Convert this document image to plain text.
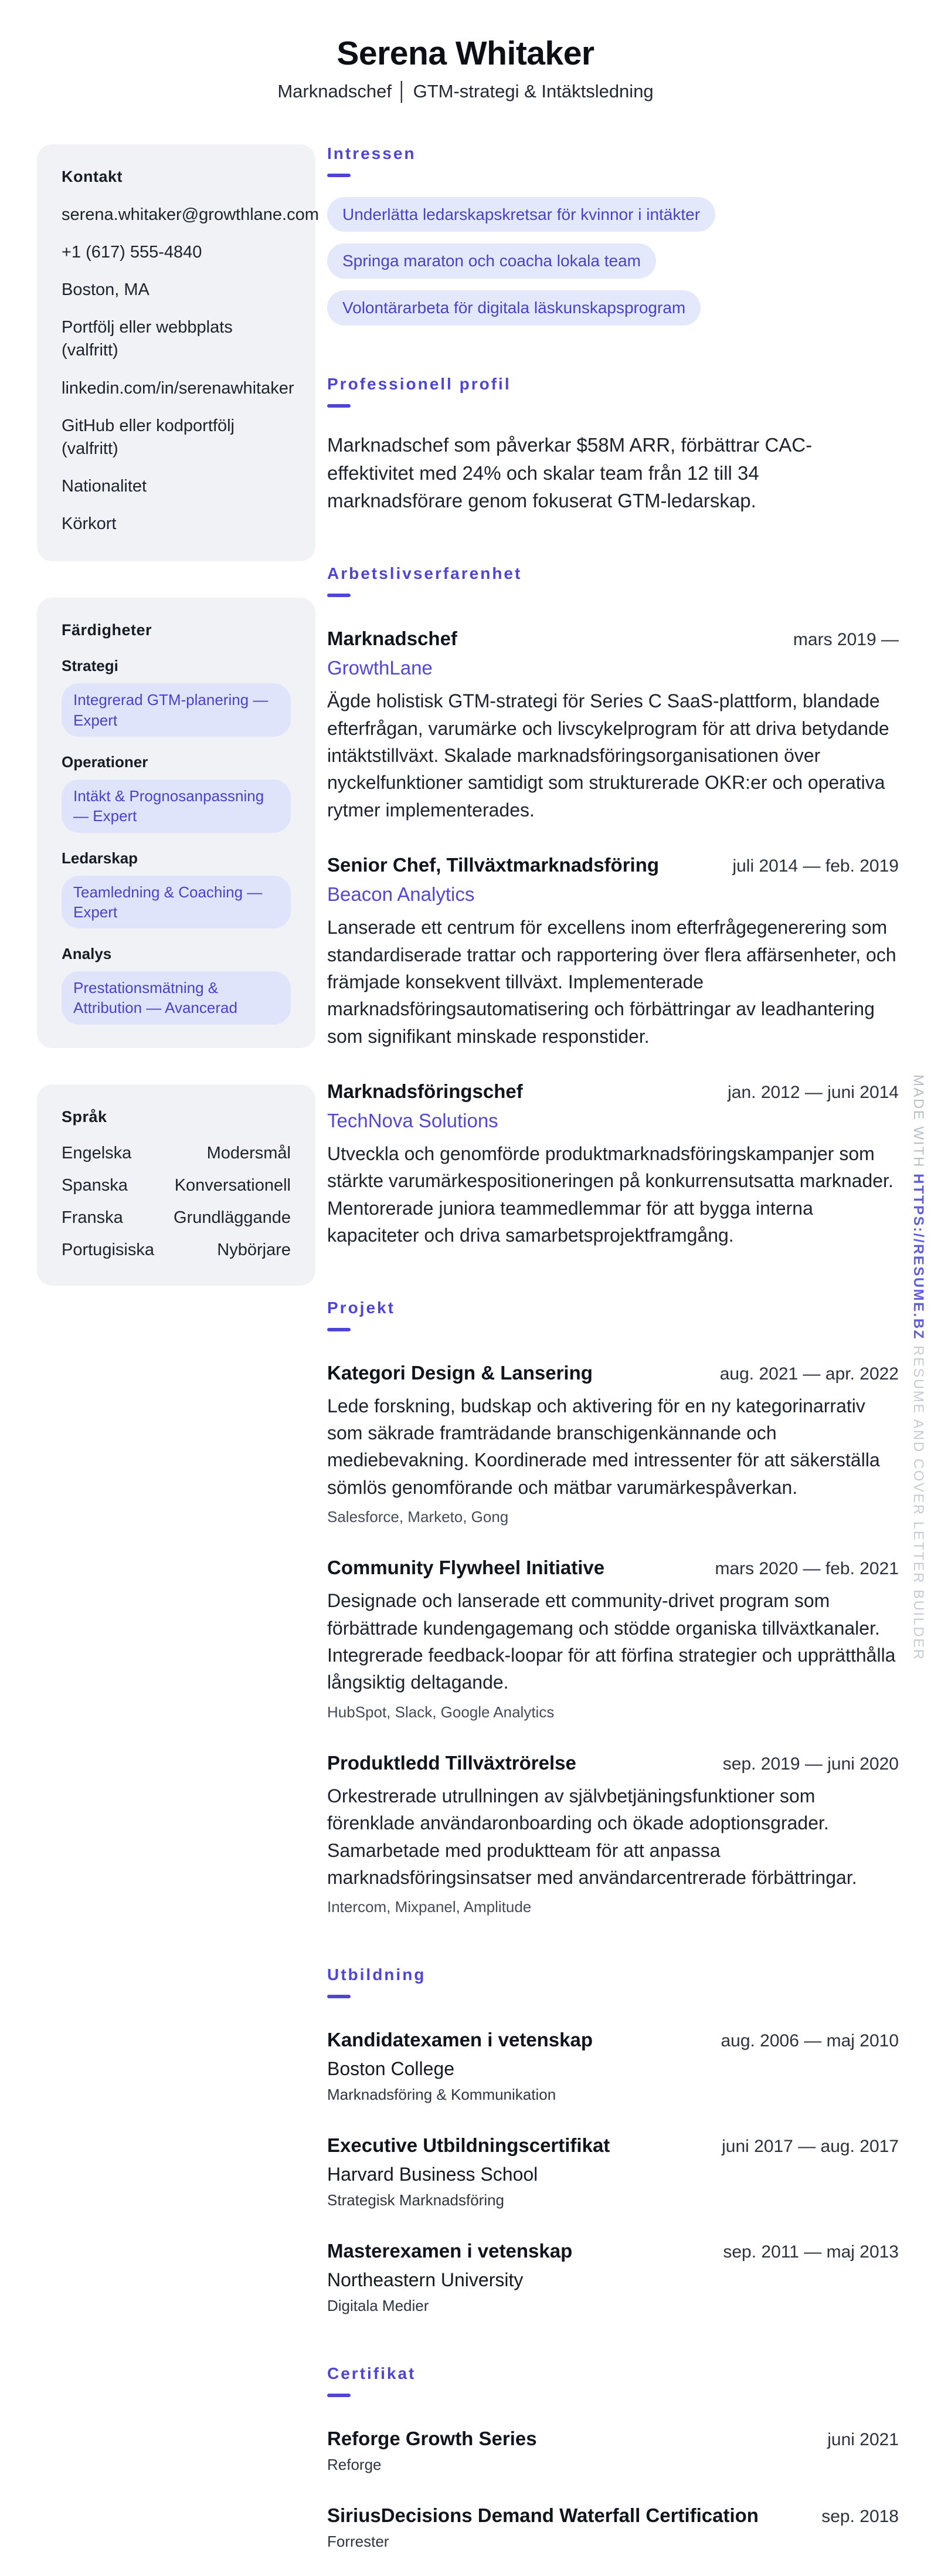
Serena Whitaker
Marknadschef │ GTM-strategi & Intäktsledning
Kontakt
serena.whitaker@growthlane.com
+1 (617) 555-4840
Boston, MA
Portfölj eller webbplats (valfritt)
linkedin.com/in/serenawhitaker
GitHub eller kodportfölj (valfritt)
Nationalitet
Körkort
Färdigheter
Strategi
Integrerad GTM-planering — Expert
Operationer
Intäkt & Prognosanpassning — Expert
Ledarskap
Teamledning & Coaching — Expert
Analys
Prestationsmätning & Attribution — Avancerad
Språk
Engelska	Modersmål
Spanska	Konversationell
Franska	Grundläggande
Portugisiska	Nybörjare
Intressen
Underlätta ledarskapskretsar för kvinnor i intäkter
Springa maraton och coacha lokala team
Volontärarbeta för digitala läskunskapsprogram
Professionell profil

Marknadschef som påverkar $58M ARR, förbättrar CAC-effektivitet med 24% och skalar team från 12 till 34 marknadsförare genom fokuserat GTM-ledarskap.

Arbetslivserfarenhet
Marknadschef	mars 2019 —
GrowthLane

Ägde holistisk GTM-strategi för Series C SaaS-plattform, blandade efterfrågan, varumärke och livscykelprogram för att driva betydande intäktstillväxt. Skalade marknadsföringsorganisationen över nyckelfunktioner samtidigt som strukturerade OKR:er och operativa rytmer implementerades.

Senior Chef, Tillväxtmarknadsföring	juli 2014 — feb. 2019
Beacon Analytics

Lanserade ett centrum för excellens inom efterfrågegenerering som standardiserade trattar och rapportering över flera affärsenheter, och främjade konsekvent tillväxt. Implementerade marknadsföringsautomatisering och förbättringar av leadhantering som signifikant minskade responstider.

Marknadsföringschef	jan. 2012 — juni 2014
TechNova Solutions

Utveckla och genomförde produktmarknadsföringskampanjer som stärkte varumärkespositioneringen på konkurrensutsatta marknader. Mentorerade juniora teammedlemmar för att bygga interna kapaciteter och driva samarbetsprojektframgång.

Projekt
Kategori Design & Lansering	aug. 2021 — apr. 2022

Lede forskning, budskap och aktivering för en ny kategorinarrativ som säkrade framträdande branschigenkännande och mediebevakning. Koordinerade med intressenter för att säkerställa sömlös genomförande och mätbar varumärkespåverkan.

Salesforce, Marketo, Gong
Community Flywheel Initiative	mars 2020 — feb. 2021

Designade och lanserade ett community-drivet program som förbättrade kundengagemang och stödde organiska tillväxtkanaler. Integrerade feedback-loopar för att förfina strategier och upprätthålla långsiktig deltagande.

HubSpot, Slack, Google Analytics
Produktledd Tillväxtrörelse	sep. 2019 — juni 2020

Orkestrerade utrullningen av självbetjäningsfunktioner som förenklade användaronboarding och ökade adoptionsgrader. Samarbetade med produktteam för att anpassa marknadsföringsinsatser med användarcentrerade förbättringar.

Intercom, Mixpanel, Amplitude
Utbildning
Kandidatexamen i vetenskap	aug. 2006 — maj 2010
Boston College
Marknadsföring & Kommunikation
Executive Utbildningscertifikat	juni 2017 — aug. 2017
Harvard Business School
Strategisk Marknadsföring
Masterexamen i vetenskap	sep. 2011 — maj 2013
Northeastern University
Digitala Medier
Certifikat
Reforge Growth Series	juni 2021
Reforge
SiriusDecisions Demand Waterfall Certification	sep. 2018
Forrester
MADE WITH HTTPS://RESUME.BZ RESUME AND COVER LETTER BUILDER
